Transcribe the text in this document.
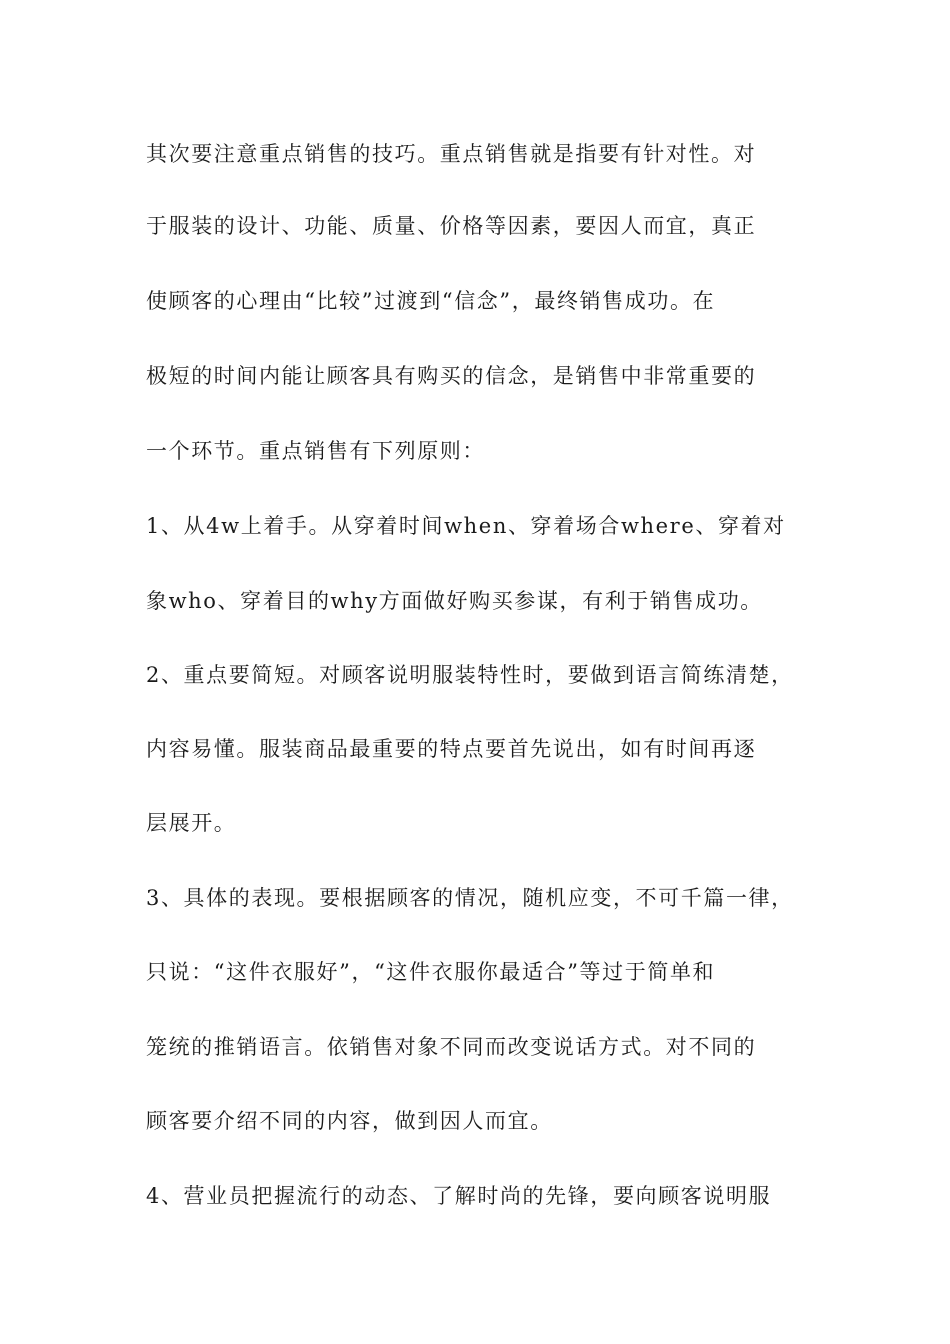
其次要注意重点销售的技巧。重点销售就是指要有针对性。对
于服装的设计、功能、质量、价格等因素，要因人而宜，真正
使顾客的心理由“比较”过渡到“信念”，最终销售成功。在
极短的时间内能让顾客具有购买的信念，是销售中非常重要的
一个环节。重点销售有下列原则：
1、从4w上着手。从穿着时间when、穿着场合where、穿着对
象who、穿着目的why方面做好购买参谋，有利于销售成功。
2、重点要简短。对顾客说明服装特性时，要做到语言简练清楚，
内容易懂。服装商品最重要的特点要首先说出，如有时间再逐
层展开。
3、具体的表现。要根据顾客的情况，随机应变，不可千篇一律，
只说：“这件衣服好”，“这件衣服你最适合”等过于简单和
笼统的推销语言。依销售对象不同而改变说话方式。对不同的
顾客要介绍不同的内容，做到因人而宜。
4、营业员把握流行的动态、了解时尚的先锋，要向顾客说明服
